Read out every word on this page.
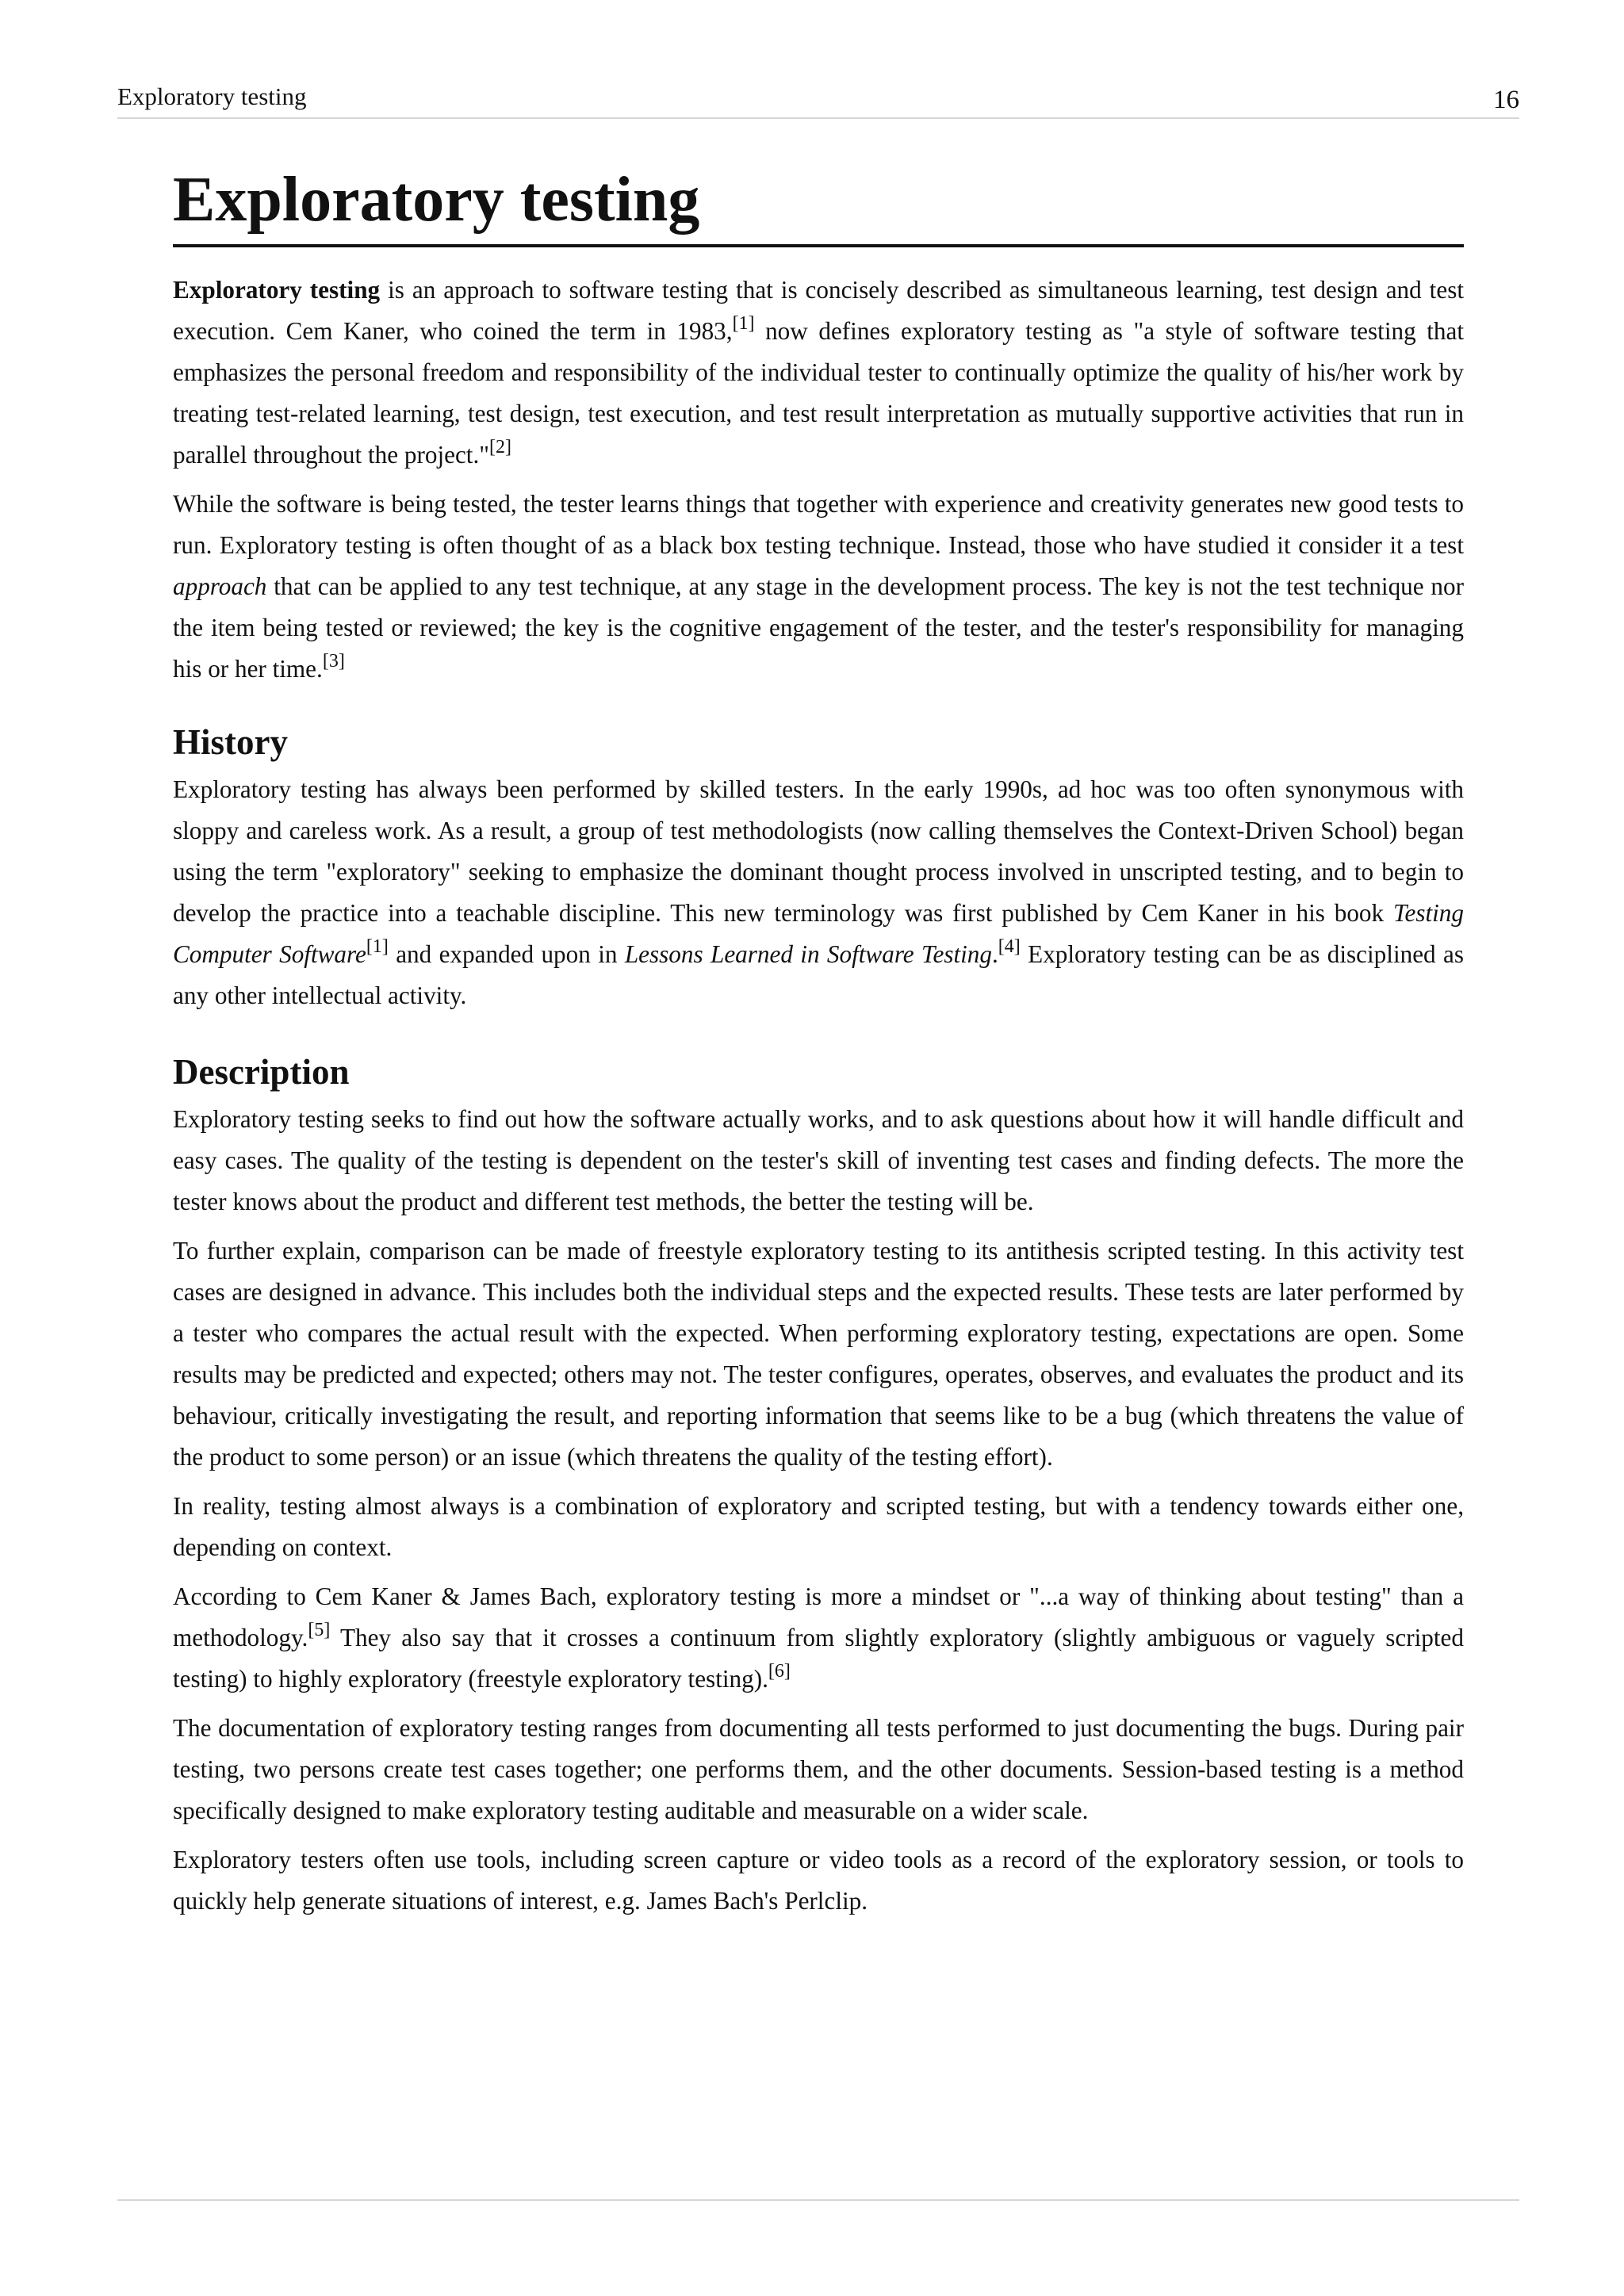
Exploratory testing	16
Exploratory testing

Exploratory testing is an approach to software testing that is concisely described as simultaneous learning, test design and test execution. Cem Kaner, who coined the term in 1983,[1] now defines exploratory testing as "a style of software testing that emphasizes the personal freedom and responsibility of the individual tester to continually optimize the quality of his/her work by treating test-related learning, test design, test execution, and test result interpretation as mutually supportive activities that run in parallel throughout the project."[2]

While the software is being tested, the tester learns things that together with experience and creativity generates new good tests to run. Exploratory testing is often thought of as a black box testing technique. Instead, those who have studied it consider it a test approach that can be applied to any test technique, at any stage in the development process. The key is not the test technique nor the item being tested or reviewed; the key is the cognitive engagement of the tester, and the tester's responsibility for managing his or her time.[3]

History

Exploratory testing has always been performed by skilled testers. In the early 1990s, ad hoc was too often synonymous with sloppy and careless work. As a result, a group of test methodologists (now calling themselves the Context-Driven School) began using the term "exploratory" seeking to emphasize the dominant thought process involved in unscripted testing, and to begin to develop the practice into a teachable discipline. This new terminology was first published by Cem Kaner in his book Testing Computer Software[1] and expanded upon in Lessons Learned in Software Testing.[4] Exploratory testing can be as disciplined as any other intellectual activity.

Description

Exploratory testing seeks to find out how the software actually works, and to ask questions about how it will handle difficult and easy cases. The quality of the testing is dependent on the tester's skill of inventing test cases and finding defects. The more the tester knows about the product and different test methods, the better the testing will be.

To further explain, comparison can be made of freestyle exploratory testing to its antithesis scripted testing. In this activity test cases are designed in advance. This includes both the individual steps and the expected results. These tests are later performed by a tester who compares the actual result with the expected. When performing exploratory testing, expectations are open. Some results may be predicted and expected; others may not. The tester configures, operates, observes, and evaluates the product and its behaviour, critically investigating the result, and reporting information that seems like to be a bug (which threatens the value of the product to some person) or an issue (which threatens the quality of the testing effort).

In reality, testing almost always is a combination of exploratory and scripted testing, but with a tendency towards either one, depending on context.

According to Cem Kaner & James Bach, exploratory testing is more a mindset or "...a way of thinking about testing" than a methodology.[5] They also say that it crosses a continuum from slightly exploratory (slightly ambiguous or vaguely scripted testing) to highly exploratory (freestyle exploratory testing).[6]

The documentation of exploratory testing ranges from documenting all tests performed to just documenting the bugs. During pair testing, two persons create test cases together; one performs them, and the other documents. Session-based testing is a method specifically designed to make exploratory testing auditable and measurable on a wider scale.

Exploratory testers often use tools, including screen capture or video tools as a record of the exploratory session, or tools to quickly help generate situations of interest, e.g. James Bach's Perlclip.
